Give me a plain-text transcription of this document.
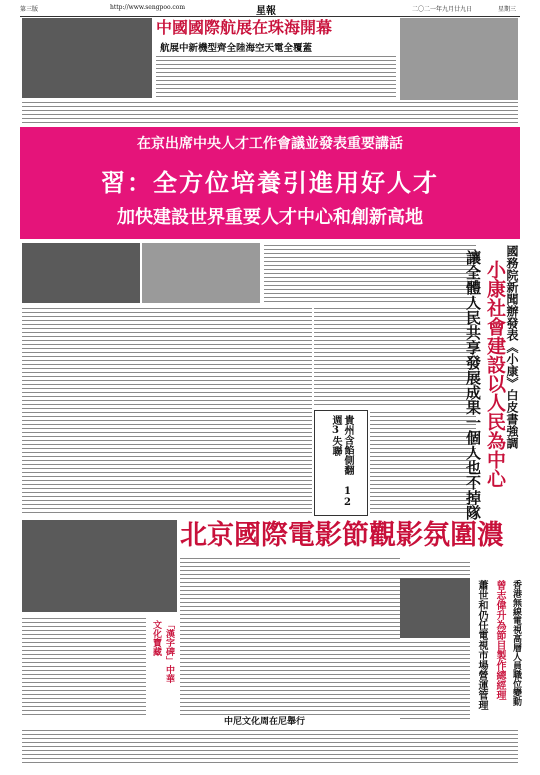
第三版	http://www.sengpoo.com	星報	二〇二一年九月廿九日	星期三
中國國際航展在珠海開幕
航展中新機型齊全陸海空天電全覆蓋
在京出席中央人才工作會議並發表重要講話
習：全方位培養引進用好人才
加快建設世界重要人才中心和創新高地
貴州含餡側翻 12週3失聯	國務院新聞辦發表《小康》白皮書強調
小康社會建設以人民為中心
讓全體人民共享發展成果一個人也不掉隊
北京國際電影節觀影氛圍濃
「漢字碑」中華文化寶藏	香港無線電視高層人員職位變動
曾志偉升為節目製作總經理
蕭世和仍任電視市場營運管理
中尼文化周在尼舉行
